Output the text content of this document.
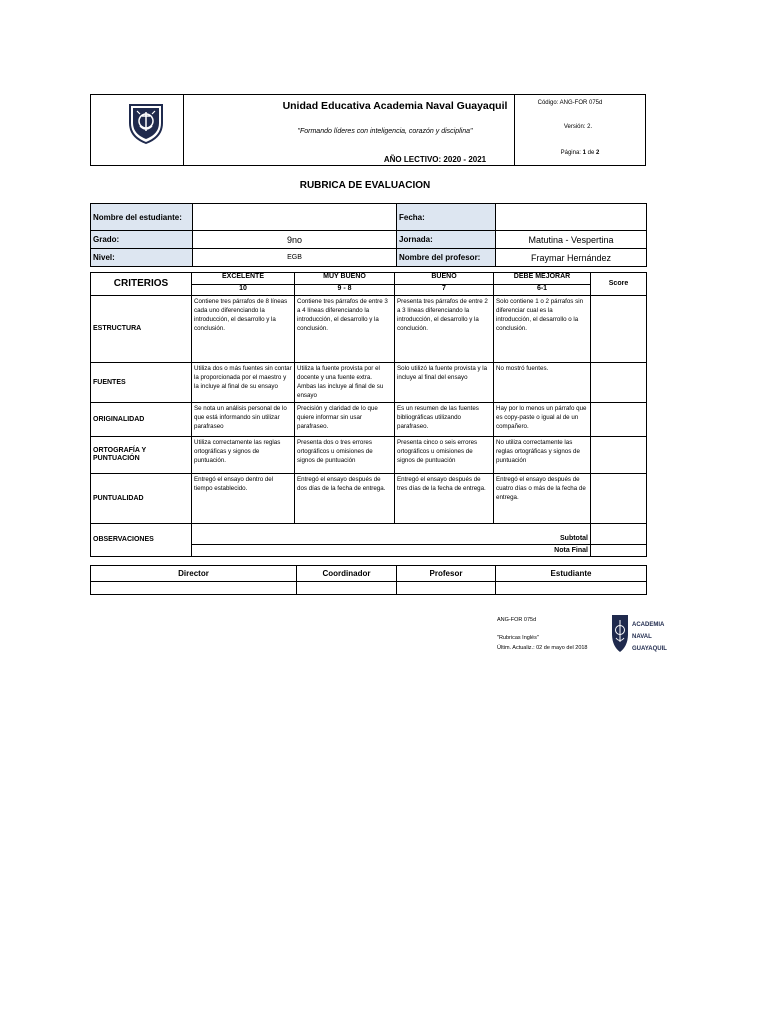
Unidad Educativa Academia Naval Guayaquil
"Formando líderes con inteligencia, corazón y disciplina"
AÑO LECTIVO: 2020 - 2021
Código: ANG-FOR 075d
Versión: 2.
Página: 1 de 2
RUBRICA DE EVALUACION
Nombre del estudiante:		Fecha:	
Grado:	9no	Jornada:	Matutina - Vespertina
Nivel:	EGB	Nombre del profesor:	Fraymar Hernández
CRITERIOS	EXCELENTE	MUY BUENO	BUENO	DEBE MEJORAR	Score
	10	9 - 8	7	6-1	
ESTRUCTURA	Contiene tres párrafos de 8 líneas cada uno diferenciando la introducción, el desarrollo y la conclusión.	Contiene tres párrafos de entre 3 a 4 líneas diferenciando la introducción, el desarrollo y la conclusión.	Presenta tres párrafos de entre 2 a 3 líneas diferenciando la introducción, el desarrollo y la conclución.	Solo contiene 1 o 2 párrafos sin diferenciar cual es la introducción, el desarrollo o la conclusión.	
FUENTES	Utiliza dos o más fuentes sin contar la proporcionada por el maestro y la incluye al final de su ensayo	Utiliza la fuente provista por el docente y una fuente extra. Ambas las incluye al final de su ensayo	Solo utilizó la fuente provista y la incluye al final del ensayo	No mostró fuentes.	
ORIGINALIDAD	Se nota un análisis personal de lo que está informando sin utilizar parafraseo	Precisión y claridad de lo que quiere informar sin usar parafraseo.	Es un resumen de las fuentes bibliográficas utilizando parafraseo.	Hay por lo menos un párrafo que es copy-paste o igual al de un compañero.	
ORTOGRAFÍA Y PUNTUACIÓN	Utiliza correctamente las reglas ortográficas y signos de puntuación.	Presenta dos o tres errores ortográficos u omisiones de signos de puntuación	Presenta cinco o seis errores ortográficos u omisiones de signos de puntuación	No utiliza correctamente las reglas ortográficas y signos de puntuación	
PUNTUALIDAD	Entregó el ensayo dentro del tiempo establecido.	Entregó el ensayo después de dos días de la fecha de entrega.	Entregó el ensayo después de tres días de la fecha de entrega.	Entregó el ensayo después de cuatro días o más de la fecha de entrega.	
OBSERVACIONES	Subtotal				
	Nota Final				
Director	Coordinador	Profesor	Estudiante

ANG-FOR 075d
"Rubricas Inglés"
Últim. Actualiz.: 02 de mayo del 2018
ACADEMIA
NAVAL
GUAYAQUIL
